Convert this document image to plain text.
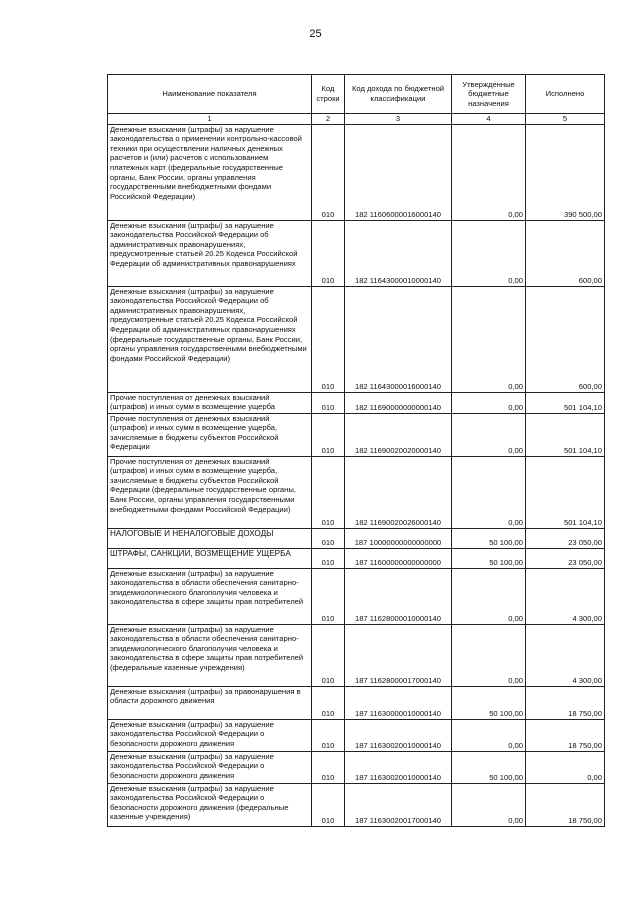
25
Наименование показателя	Код строки	Код дохода по бюджетной классификации	Утвержденные бюджетные назначения	Исполнено
1	2	3	4	5
Денежные взыскания (штрафы) за нарушение законодательства о применении контрольно-кассовой техники при осуществлении наличных денежных расчетов и (или) расчетов с использованием платежных карт (федеральные государственные органы, Банк России, органы управления государственными внебюджетными фондами Российской Федерации)	010	182 11606000016000140	0,00	390 500,00
Денежные взыскания (штрафы) за нарушение законодательства Российской Федерации об административных правонарушениях, предусмотренные статьей 20.25 Кодекса Российской Федерации об административных правонарушениях	010	182 11643000010000140	0,00	600,00
Денежные взыскания (штрафы) за нарушение законодательства Российской Федерации об административных правонарушениях, предусмотренные статьей 20.25 Кодекса Российской Федерации об административных правонарушениях (федеральные государственные органы, Банк России, органы управления государственными внебюджетными фондами Российской Федерации)	010	182 11643000016000140	0,00	600,00
Прочие поступления от денежных взысканий (штрафов) и иных сумм в возмещение ущерба	010	182 11690000000000140	0,00	501 104,10
Прочие поступления от денежных взысканий (штрафов) и иных сумм в возмещение ущерба, зачисляемые в бюджеты субъектов Российской Федерации	010	182 11690020020000140	0,00	501 104,10
Прочие поступления от денежных взысканий (штрафов) и иных сумм в возмещение ущерба, зачисляемые в бюджеты субъектов Российской Федерации (федеральные государственные органы, Банк России, органы управления государственными внебюджетными фондами Российской Федерации)	010	182 11690020026000140	0,00	501 104,10
НАЛОГОВЫЕ И НЕНАЛОГОВЫЕ ДОХОДЫ	010	187 10000000000000000	50 100,00	23 050,00
ШТРАФЫ, САНКЦИИ, ВОЗМЕЩЕНИЕ УЩЕРБА	010	187 11600000000000000	50 100,00	23 050,00
Денежные взыскания (штрафы) за нарушение законодательства в области обеспечения санитарно-эпидемиологического благополучия человека и законодательства в сфере защиты прав потребителей	010	187 11628000010000140	0,00	4 300,00
Денежные взыскания (штрафы) за нарушение законодательства в области обеспечения санитарно-эпидемиологического благополучия человека и законодательства в сфере защиты прав потребителей (федеральные казенные учреждения)	010	187 11628000017000140	0,00	4 300,00
Денежные взыскания (штрафы) за правонарушения в области дорожного движения	010	187 11630000010000140	50 100,00	18 750,00
Денежные взыскания (штрафы) за нарушение законодательства Российской Федерации о безопасности дорожного движения	010	187 11630020010000140	0,00	18 750,00
Денежные взыскания (штрафы) за нарушение законодательства Российской Федерации о безопасности дорожного движения	010	187 11630020010000140	50 100,00	0,00
Денежные взыскания (штрафы) за нарушение законодательства Российской Федерации о безопасности дорожного движения (федеральные казенные учреждения)	010	187 11630020017000140	0,00	18 750,00
